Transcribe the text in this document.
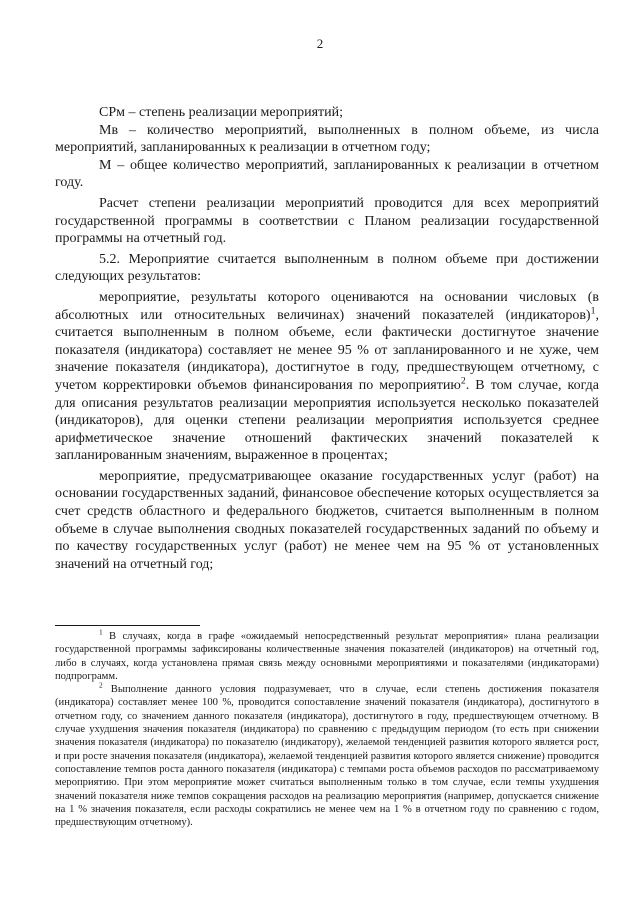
2

СРм – степень реализации мероприятий;

Мв – количество мероприятий, выполненных в полном объеме, из числа мероприятий, запланированных к реализации в отчетном году;

М – общее количество мероприятий, запланированных к реализации в отчетном году.

Расчет степени реализации мероприятий проводится для всех мероприятий государственной программы в соответствии с Планом реализации государственной программы на отчетный год.

5.2. Мероприятие считается выполненным в полном объеме при достижении следующих результатов:

мероприятие, результаты которого оцениваются на основании числовых (в абсолютных или относительных величинах) значений показателей (индикаторов)$^1$, считается выполненным в полном объеме, если фактически достигнутое значение показателя (индикатора) составляет не менее 95 % от запланированного и не хуже, чем значение показателя (индикатора), достигнутое в году, предшествующем отчетному, с учетом корректировки объемов финансирования по мероприятию$^2$. В том случае, когда для описания результатов реализации мероприятия используется несколько показателей (индикаторов), для оценки степени реализации мероприятия используется среднее арифметическое значение отношений фактических значений показателей к запланированным значениям, выраженное в процентах;

мероприятие, предусматривающее оказание государственных услуг (работ) на основании государственных заданий, финансовое обеспечение которых осуществляется за счет средств областного и федерального бюджетов, считается выполненным в полном объеме в случае выполнения сводных показателей государственных заданий по объему и по качеству государственных услуг (работ) не менее чем на 95 % от установленных значений на отчетный год;

$^1$ В случаях, когда в графе «ожидаемый непосредственный результат мероприятия» плана реализации государственной программы зафиксированы количественные значения показателей (индикаторов) на отчетный год, либо в случаях, когда установлена прямая связь между основными мероприятиями и показателями (индикаторами) подпрограмм.

$^2$ Выполнение данного условия подразумевает, что в случае, если степень достижения показателя (индикатора) составляет менее 100 %, проводится сопоставление значений показателя (индикатора), достигнутого в отчетном году, со значением данного показателя (индикатора), достигнутого в году, предшествующем отчетному. В случае ухудшения значения показателя (индикатора) по сравнению с предыдущим периодом (то есть при снижении значения показателя (индикатора) по показателю (индикатору), желаемой тенденцией развития которого является рост, и при росте значения показателя (индикатора), желаемой тенденцией развития которого является снижение) проводится сопоставление темпов роста данного показателя (индикатора) с темпами роста объемов расходов по рассматриваемому мероприятию. При этом мероприятие может считаться выполненным только в том случае, если темпы ухудшения значений показателя ниже темпов сокращения расходов на реализацию мероприятия (например, допускается снижение на 1 % значения показателя, если расходы сократились не менее чем на 1 % в отчетном году по сравнению с годом, предшествующим отчетному).
